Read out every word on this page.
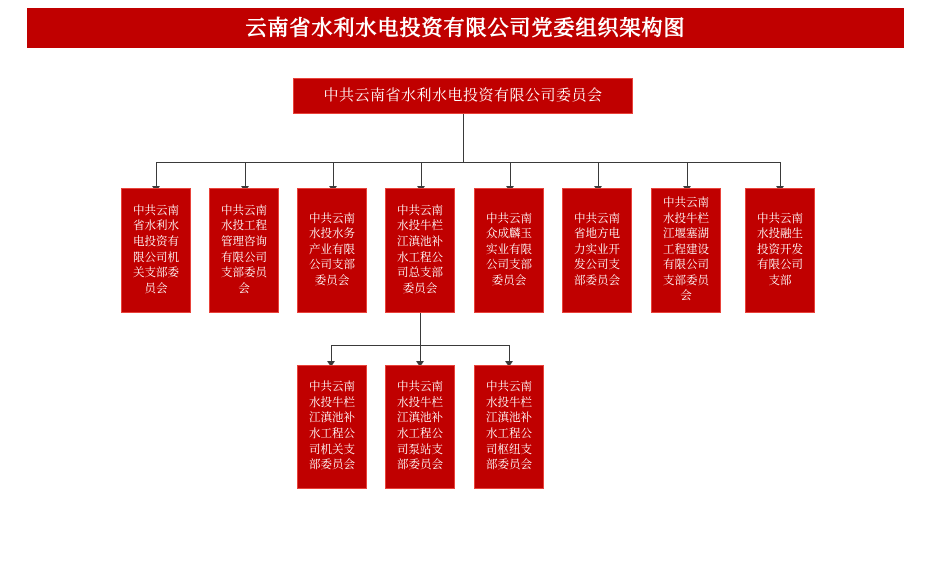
云南省水利水电投资有限公司党委组织架构图
中共云南省水利水电投资有限公司委员会
中共云南省水利水电投资有限公司机关支部委员会
中共云南水投工程管理咨询有限公司支部委员会
中共云南水投水务产业有限公司支部委员会
中共云南水投牛栏江滇池补水工程公司总支部委员会
中共云南众成麟玉实业有限公司支部委员会
中共云南省地方电力实业开发公司支部委员会
中共云南水投牛栏江堰塞湖工程建设有限公司支部委员会
中共云南水投融生投资开发有限公司支部
中共云南水投牛栏江滇池补水工程公司机关支部委员会
中共云南水投牛栏江滇池补水工程公司泵站支部委员会
中共云南水投牛栏江滇池补水工程公司枢纽支部委员会
